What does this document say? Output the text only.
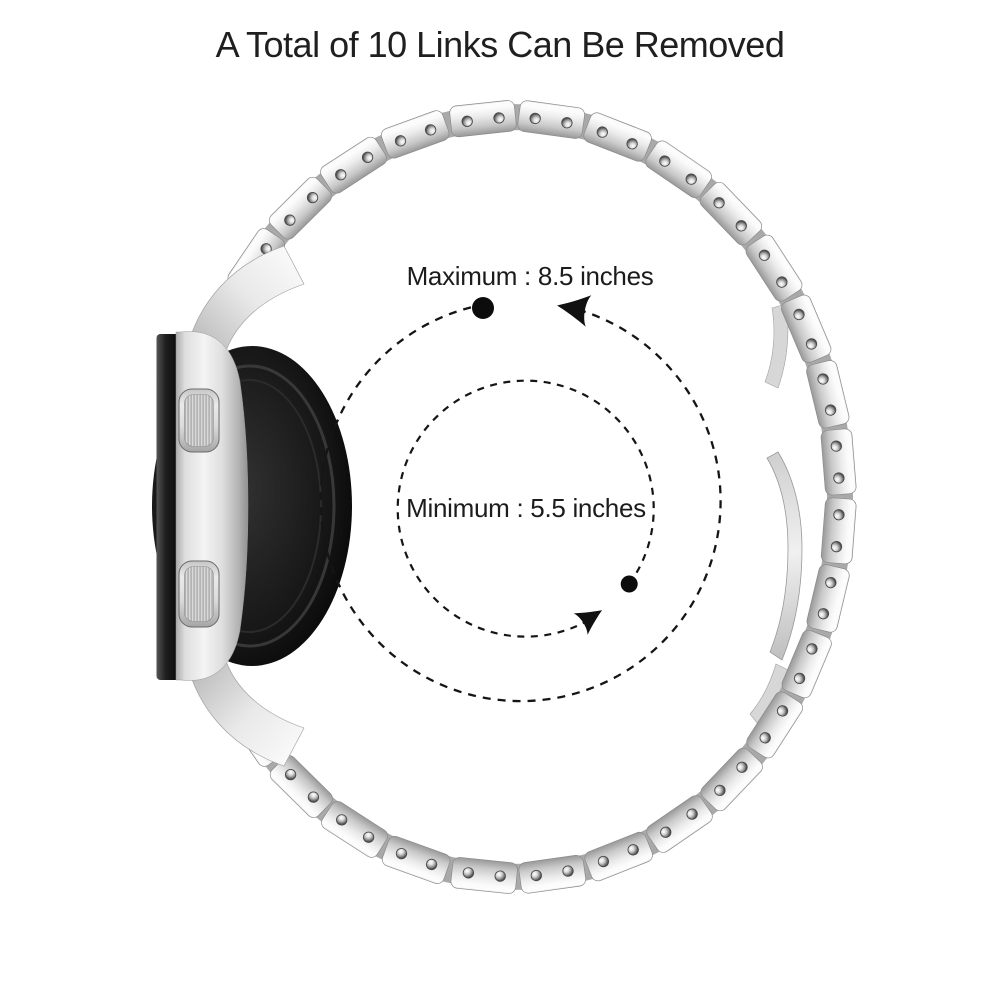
A Total of 10 Links Can Be Removed
Maximum : 8.5 inches
Minimum : 5.5 inches
